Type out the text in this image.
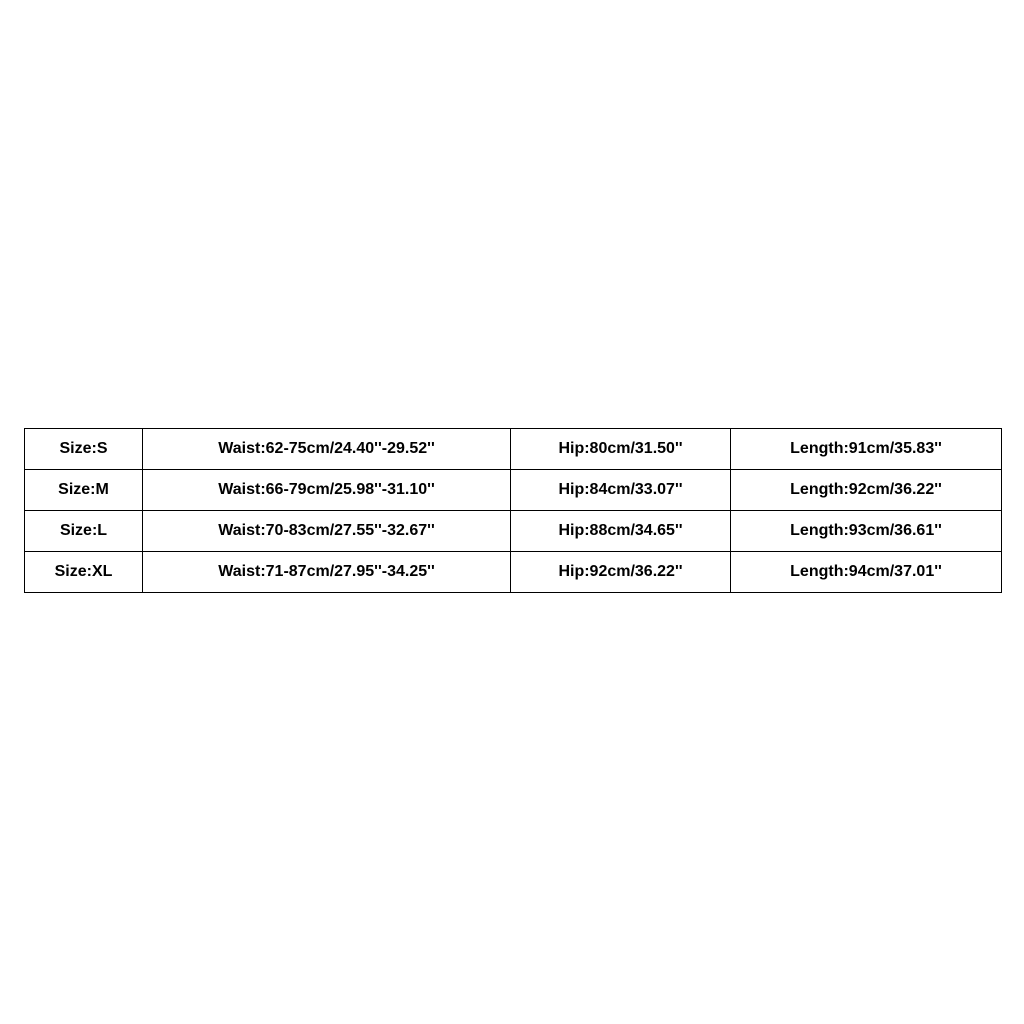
Size:S	Waist:62-75cm/24.40''-29.52''	Hip:80cm/31.50''	Length:91cm/35.83''
Size:M	Waist:66-79cm/25.98''-31.10''	Hip:84cm/33.07''	Length:92cm/36.22''
Size:L	Waist:70-83cm/27.55''-32.67''	Hip:88cm/34.65''	Length:93cm/36.61''
Size:XL	Waist:71-87cm/27.95''-34.25''	Hip:92cm/36.22''	Length:94cm/37.01''
